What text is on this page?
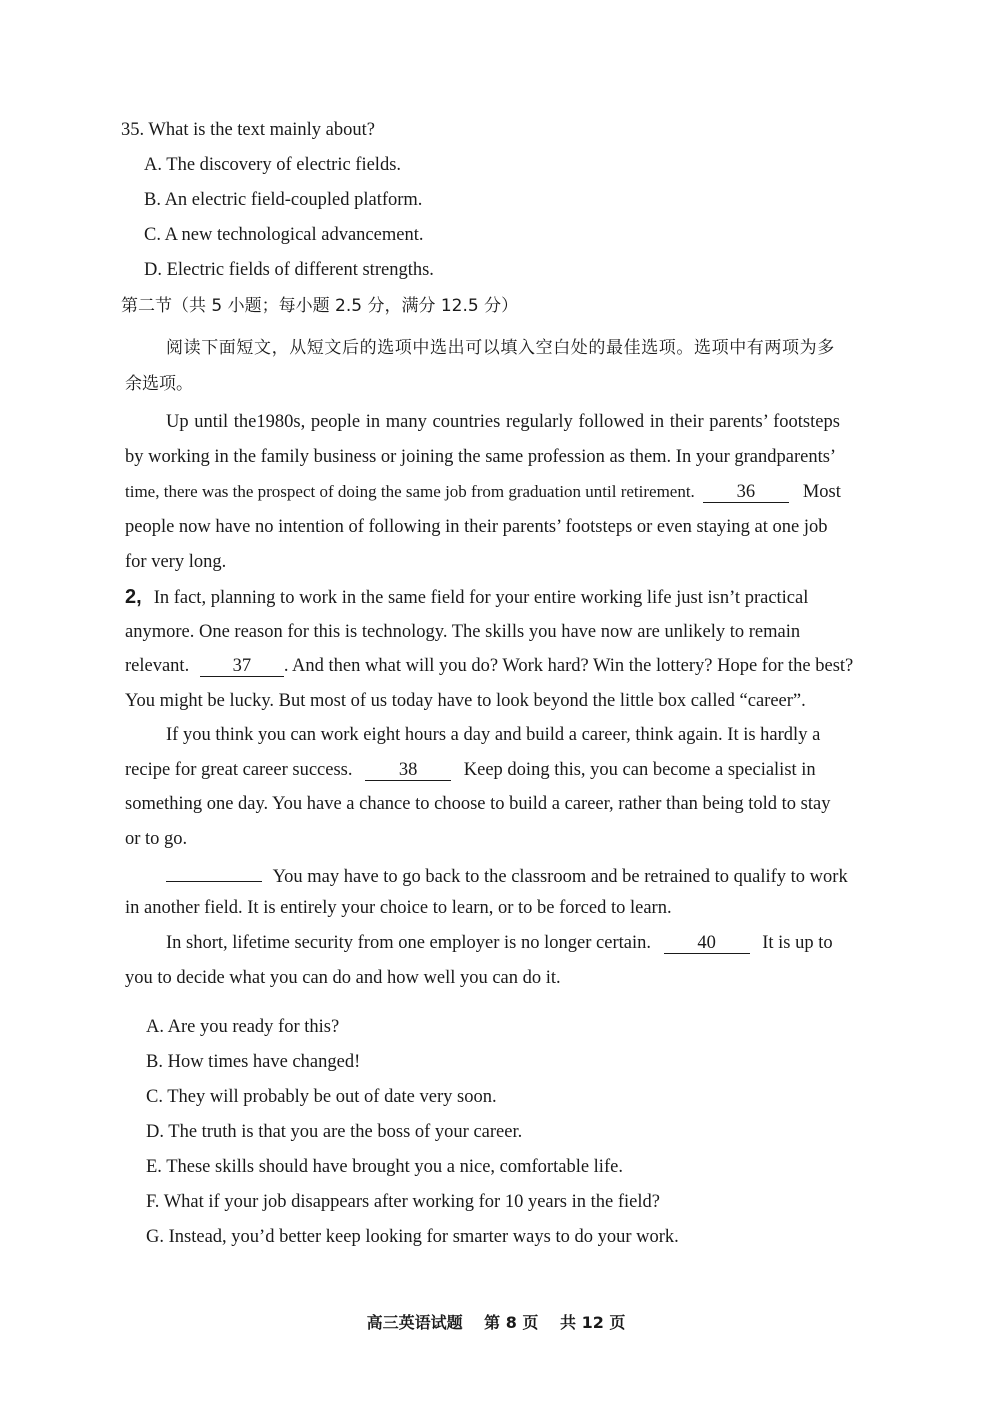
35. What is the text mainly about?
A. The discovery of electric fields.
B. An electric field-coupled platform.
C. A new technological advancement.
D. Electric fields of different strengths.
第二节（共 5 小题；每小题 2.5 分，满分 12.5 分）
阅读下面短文，从短文后的选项中选出可以填入空白处的最佳选项。选项中有两项为多
余选项。
Up until the1980s, people in many countries regularly followed in their parents’ footsteps
by working in the family business or joining the same profession as them. In your grandparents’
time, there was the prospect of doing the same job from graduation until retirement.	36	Most
people now have no intention of following in their parents’ footsteps or even staying at one job
for very long.
2, In fact, planning to work in the same field for your entire working life just isn’t practical
anymore. One reason for this is technology. The skills you have now are unlikely to remain
relevant. 37 . And then what will you do? Work hard? Win the lottery? Hope for the best?
You might be lucky. But most of us today have to look beyond the little box called “career”.
If you think you can work eight hours a day and build a career, think again. It is hardly a
recipe for great career success.	38	Keep doing this, you can become a specialist in
something one day. You have a chance to choose to build a career, rather than being told to stay
or to go.
You may have to go back to the classroom and be retrained to qualify to work
in another field. It is entirely your choice to learn, or to be forced to learn.
In short, lifetime security from one employer is no longer certain.	40	It is up to
you to decide what you can do and how well you can do it.
A. Are you ready for this?
B. How times have changed!
C. They will probably be out of date very soon.
D. The truth is that you are the boss of your career.
E. These skills should have brought you a nice, comfortable life.
F. What if your job disappears after working for 10 years in the field?
G. Instead, you’d better keep looking for smarter ways to do your work.
高三英语试题 第 8 页 共 12 页
